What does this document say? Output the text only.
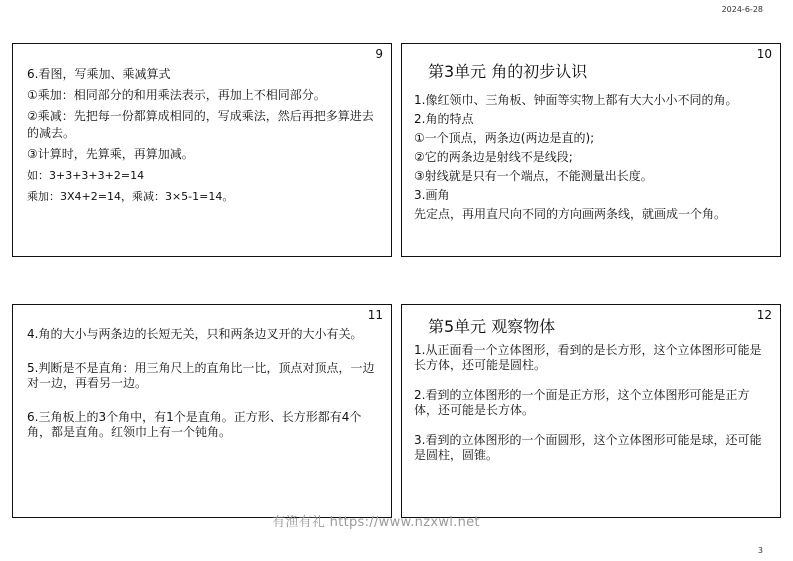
2024-6-28
9
6.看图，写乘加、乘减算式
①乘加：相同部分的和用乘法表示，再加上不相同部分。
②乘减：先把每一份都算成相同的，写成乘法，然后再把多算进去的减去。
③计算时，先算乘，再算加减。
如：3+3+3+3+2=14
乘加：3X4+2=14，乘减：3×5-1=14。
10
第3单元 角的初步认识
1.像红领巾、三角板、钟面等实物上都有大大小小不同的角。
2.角的特点
①一个顶点，两条边(两边是直的);
②它的两条边是射线不是线段;
③射线就是只有一个端点，不能测量出长度。
3.画角
先定点，再用直尺向不同的方向画两条线，就画成一个角。
11
4.角的大小与两条边的长短无关，只和两条边叉开的大小有关。
5.判断是不是直角：用三角尺上的直角比一比，顶点对顶点，一边对一边，再看另一边。
6.三角板上的3个角中，有1个是直角。正方形、长方形都有4个角，都是直角。红领巾上有一个钝角。
12
第5单元 观察物体
1.从正面看一个立体图形，看到的是长方形，这个立体图形可能是长方体，还可能是圆柱。
2.看到的立体图形的一个面是正方形，这个立体图形可能是正方体，还可能是长方体。
3.看到的立体图形的一个面圆形，这个立体图形可能是球，还可能是圆柱，圆锥。
有渔有礼 https://www.nzxwl.net
3
